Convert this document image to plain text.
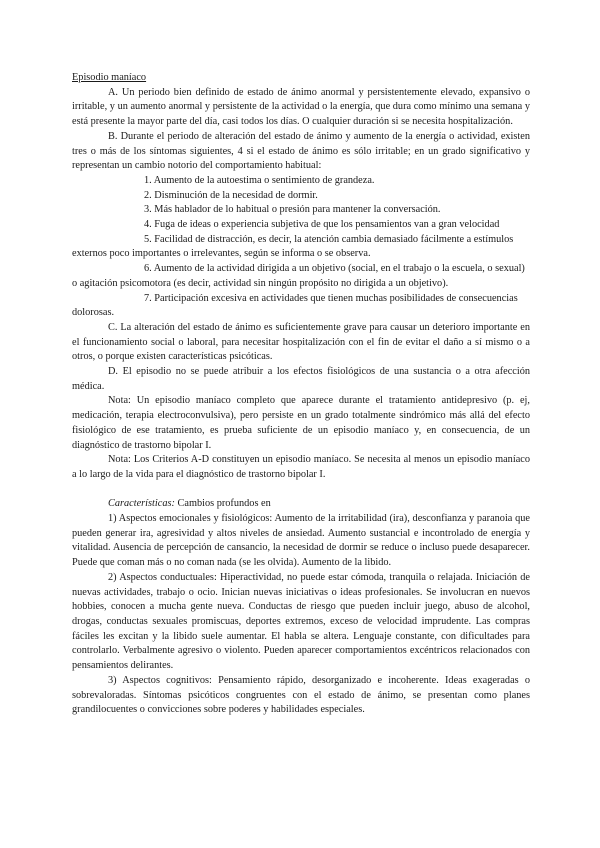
Episodio maníaco

A. Un periodo bien definido de estado de ánimo anormal y persistentemente elevado, expansivo o irritable, y un aumento anormal y persistente de la actividad o la energía, que dura como mínimo una semana y está presente la mayor parte del día, casi todos los días. O cualquier duración si se necesita hospitalización.

B. Durante el periodo de alteración del estado de ánimo y aumento de la energía o actividad, existen tres o más de los síntomas siguientes, 4 si el estado de ánimo es sólo irritable; en un grado significativo y representan un cambio notorio del comportamiento habitual:

1. Aumento de la autoestima o sentimiento de grandeza.

2. Disminución de la necesidad de dormir.

3. Más hablador de lo habitual o presión para mantener la conversación.

4. Fuga de ideas o experiencia subjetiva de que los pensamientos van a gran velocidad

5. Facilidad de distracción, es decir, la atención cambia demasiado fácilmente a estímulos externos poco importantes o irrelevantes, según se informa o se observa.

6. Aumento de la actividad dirigida a un objetivo (social, en el trabajo o la escuela, o sexual) o agitación psicomotora (es decir, actividad sin ningún propósito no dirigida a un objetivo).

7. Participación excesiva en actividades que tienen muchas posibilidades de consecuencias dolorosas.

C. La alteración del estado de ánimo es suficientemente grave para causar un deterioro importante en el funcionamiento social o laboral, para necesitar hospitalización con el fin de evitar el daño a sí mismo o a otros, o porque existen características psicóticas.

D. El episodio no se puede atribuir a los efectos fisiológicos de una sustancia o a otra afección médica.

Nota: Un episodio maníaco completo que aparece durante el tratamiento antidepresivo (p. ej, medicación, terapia electroconvulsiva), pero persiste en un grado totalmente sindrómico más allá del efecto fisiológico de ese tratamiento, es prueba suficiente de un episodio maníaco y, en consecuencia, de un diagnóstico de trastorno bipolar I.

Nota: Los Criterios A-D constituyen un episodio maníaco. Se necesita al menos un episodio maníaco a lo largo de la vida para el diagnóstico de trastorno bipolar I.

Características: Cambios profundos en

1) Aspectos emocionales y fisiológicos: Aumento de la irritabilidad (ira), desconfianza y paranoia que pueden generar ira, agresividad y altos niveles de ansiedad. Aumento sustancial e incontrolado de energía y vitalidad. Ausencia de percepción de cansancio, la necesidad de dormir se reduce o incluso puede desaparecer. Puede que coman más o no coman nada (se les olvida). Aumento de la libido.

2) Aspectos conductuales: Hiperactividad, no puede estar cómoda, tranquila o relajada. Iniciación de nuevas actividades, trabajo o ocio. Inician nuevas iniciativas o ideas profesionales. Se involucran en nuevos hobbies, conocen a mucha gente nueva. Conductas de riesgo que pueden incluir juego, abuso de alcohol, drogas, conductas sexuales promiscuas, deportes extremos, exceso de velocidad imprudente. Las compras fáciles les excitan y la libido suele aumentar. El habla se altera. Lenguaje constante, con dificultades para controlarlo. Verbalmente agresivo o violento. Pueden aparecer comportamientos excéntricos relacionados con pensamientos delirantes.

3) Aspectos cognitivos: Pensamiento rápido, desorganizado e incoherente. Ideas exageradas o sobrevaloradas. Síntomas psicóticos congruentes con el estado de ánimo, se presentan como planes grandilocuentes o convicciones sobre poderes y habilidades especiales.
